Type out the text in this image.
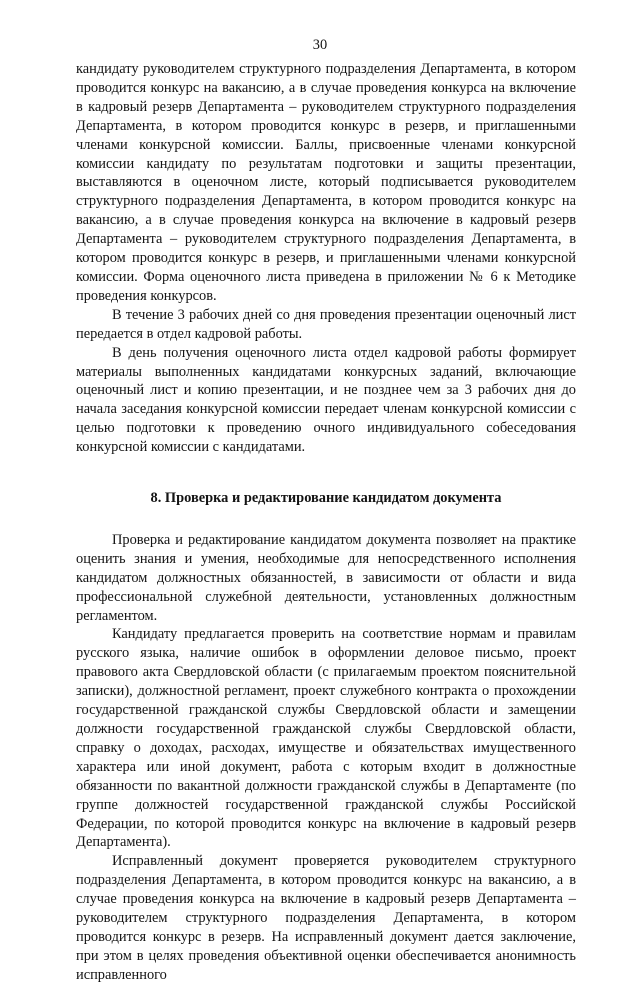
30

кандидату руководителем структурного подразделения Департамента, в котором проводится конкурс на вакансию, а в случае проведения конкурса на включение в кадровый резерв Департамента – руководителем структурного подразделения Департамента, в котором проводится конкурс в резерв, и приглашенными членами конкурсной комиссии. Баллы, присвоенные членами конкурсной комиссии кандидату по результатам подготовки и защиты презентации, выставляются в оценочном листе, который подписывается руководителем структурного подразделения Департамента, в котором проводится конкурс на вакансию, а в случае проведения конкурса на включение в кадровый резерв Департамента – руководителем структурного подразделения Департамента, в котором проводится конкурс в резерв, и приглашенными членами конкурсной комиссии. Форма оценочного листа приведена в приложении № 6 к Методике проведения конкурсов.

В течение 3 рабочих дней со дня проведения презентации оценочный лист передается в отдел кадровой работы.

В день получения оценочного листа отдел кадровой работы формирует материалы выполненных кандидатами конкурсных заданий, включающие оценочный лист и копию презентации, и не позднее чем за 3 рабочих дня до начала заседания конкурсной комиссии передает членам конкурсной комиссии с целью подготовки к проведению очного индивидуального собеседования конкурсной комиссии с кандидатами.

8. Проверка и редактирование кандидатом документа

Проверка и редактирование кандидатом документа позволяет на практике оценить знания и умения, необходимые для непосредственного исполнения кандидатом должностных обязанностей, в зависимости от области и вида профессиональной служебной деятельности, установленных должностным регламентом.

Кандидату предлагается проверить на соответствие нормам и правилам русского языка, наличие ошибок в оформлении деловое письмо, проект правового акта Свердловской области (с прилагаемым проектом пояснительной записки), должностной регламент, проект служебного контракта о прохождении государственной гражданской службы Свердловской области и замещении должности государственной гражданской службы Свердловской области, справку о доходах, расходах, имуществе и обязательствах имущественного характера или иной документ, работа с которым входит в должностные обязанности по вакантной должности гражданской службы в Департаменте (по группе должностей государственной гражданской службы Российской Федерации, по которой проводится конкурс на включение в кадровый резерв Департамента).

Исправленный документ проверяется руководителем структурного подразделения Департамента, в котором проводится конкурс на вакансию, а в случае проведения конкурса на включение в кадровый резерв Департамента – руководителем структурного подразделения Департамента, в котором проводится конкурс в резерв. На исправленный документ дается заключение, при этом в целях проведения объективной оценки обеспечивается анонимность исправленного
